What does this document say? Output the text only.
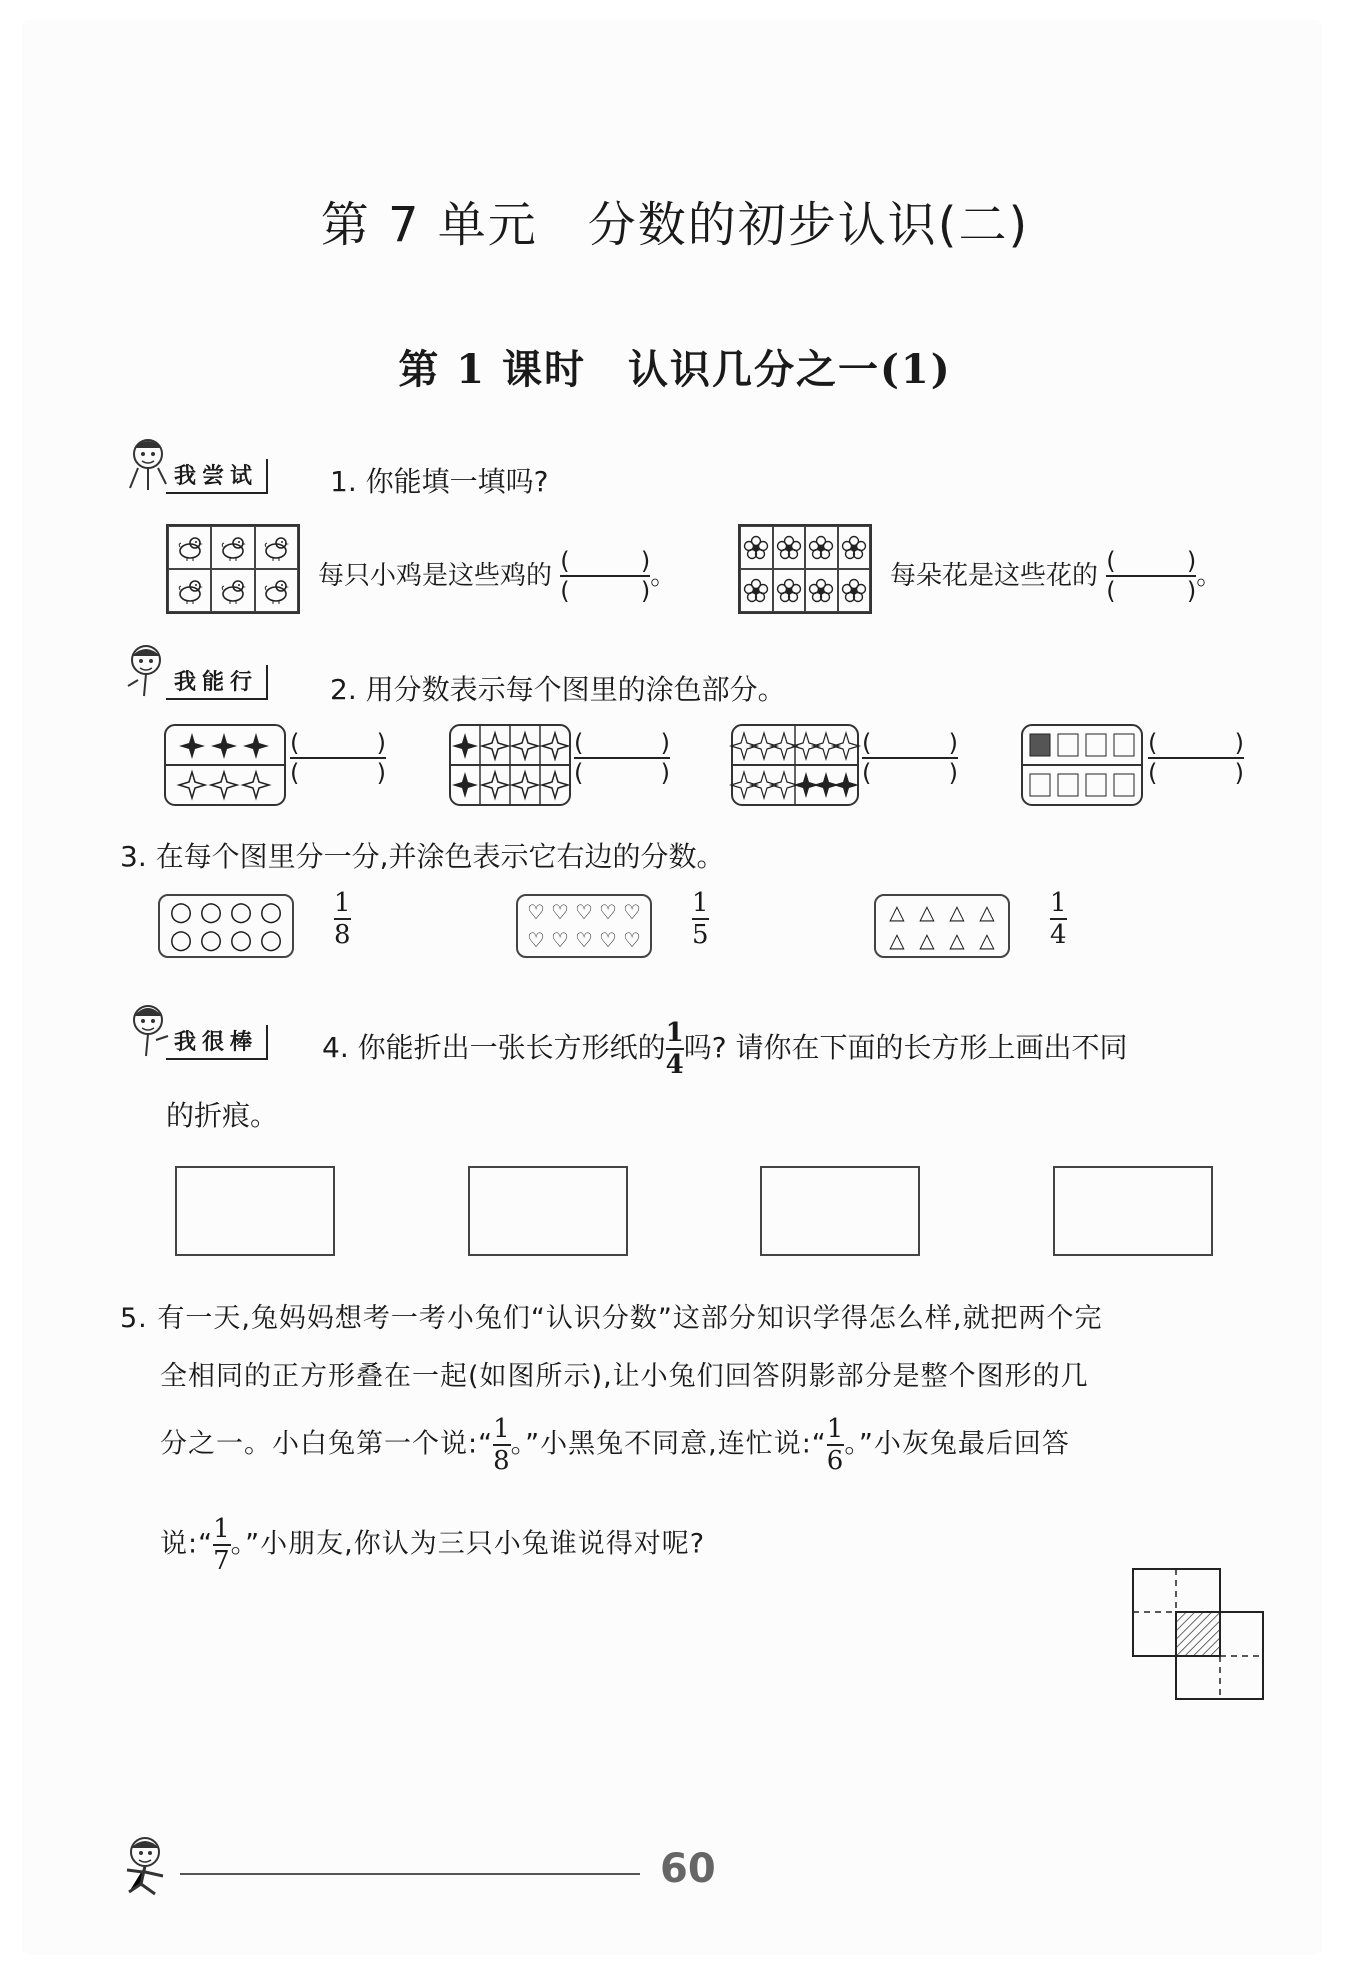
第 7 单元　分数的初步认识(二)
第 1 课时　认识几分之一(1)
我尝试	1. 你能填一填吗?
每只小鸡是这些鸡的 (	)
(	)
。	每朵花是这些花的 (	)
(	)
。
我能行	2. 用分数表示每个图里的涂色部分。
(	)
(	)
(	)
(	)
(	)
(	)
(	)
(	)
3. 在每个图里分一分,并涂色表示它右边的分数。
○ ○ ○ ○
○ ○ ○ ○
1
8
♡ ♡ ♡ ♡ ♡
♡ ♡ ♡ ♡ ♡
1
5
△ △ △ △
△ △ △ △
1
4
我很棒	4. 你能折出一张长方形纸的 $\frac{1}{4}$ 吗? 请你在下面的长方形上画出不同
的折痕。
5. 有一天,兔妈妈想考一考小兔们“认识分数”这部分知识学得怎么样,就把两个完
全相同的正方形叠在一起(如图所示),让小兔们回答阴影部分是整个图形的几
分之一。小白兔第一个说:“ $\frac{1}{8}$ 。”小黑兔不同意,连忙说:“ $\frac{1}{6}$ 。”小灰兔最后回答
说:“ $\frac{1}{7}$ 。”小朋友,你认为三只小兔谁说得对呢?
60
